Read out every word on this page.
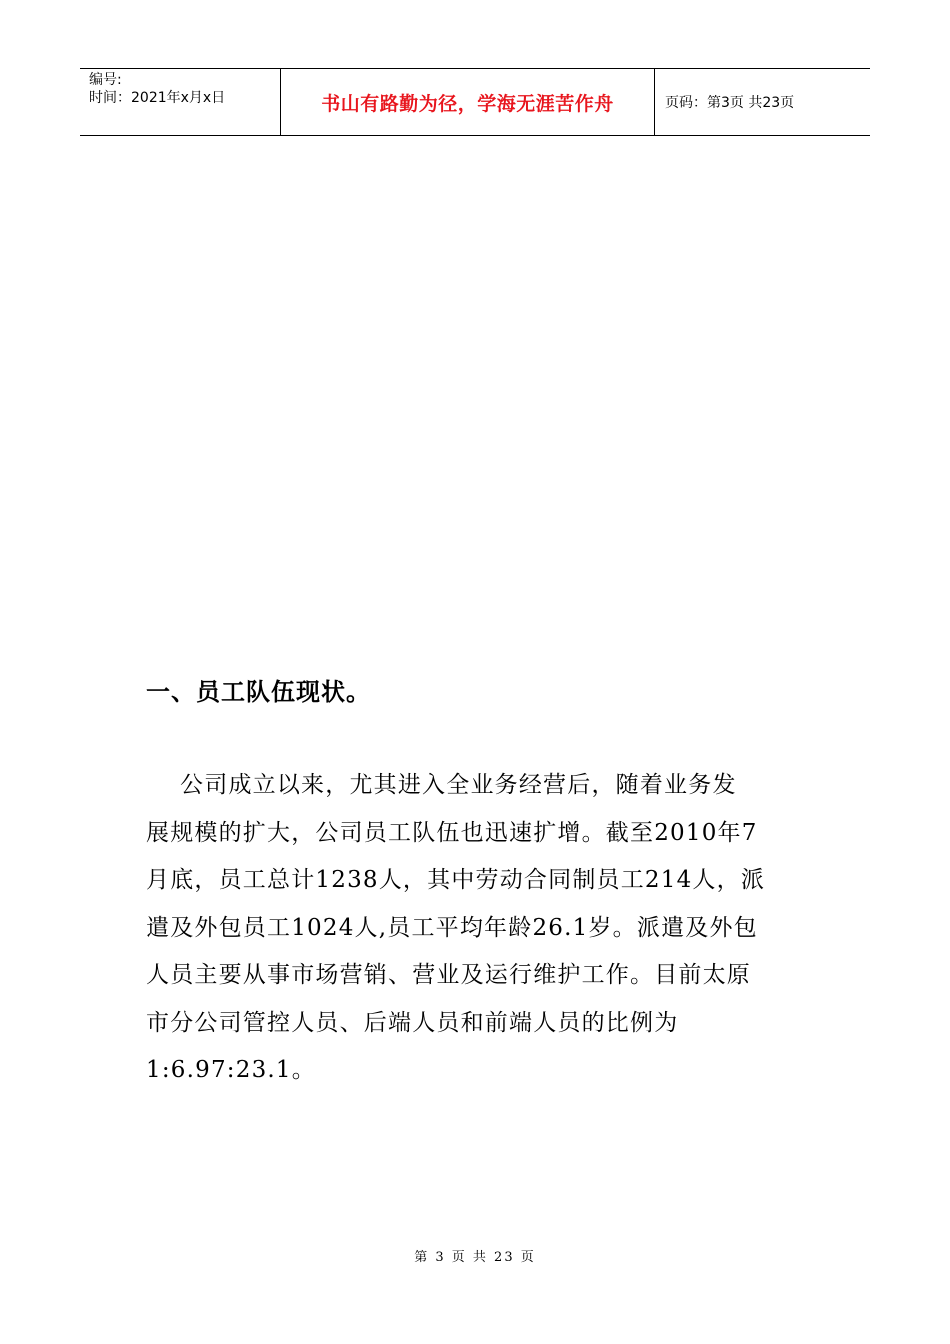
编号:
时间：2021年x月x日	书山有路勤为径，学海无涯苦作舟	页码：第3页 共23页
一、员工队伍现状。
公司成立以来，尤其进入全业务经营后，随着业务发
展规模的扩大，公司员工队伍也迅速扩增。截至2010年7
月底，员工总计1238人，其中劳动合同制员工214人，派
遣及外包员工1024人,员工平均年龄26.1岁。派遣及外包
人员主要从事市场营销、营业及运行维护工作。目前太原
市分公司管控人员、后端人员和前端人员的比例为
1:6.97:23.1。
第 3 页 共 23 页
